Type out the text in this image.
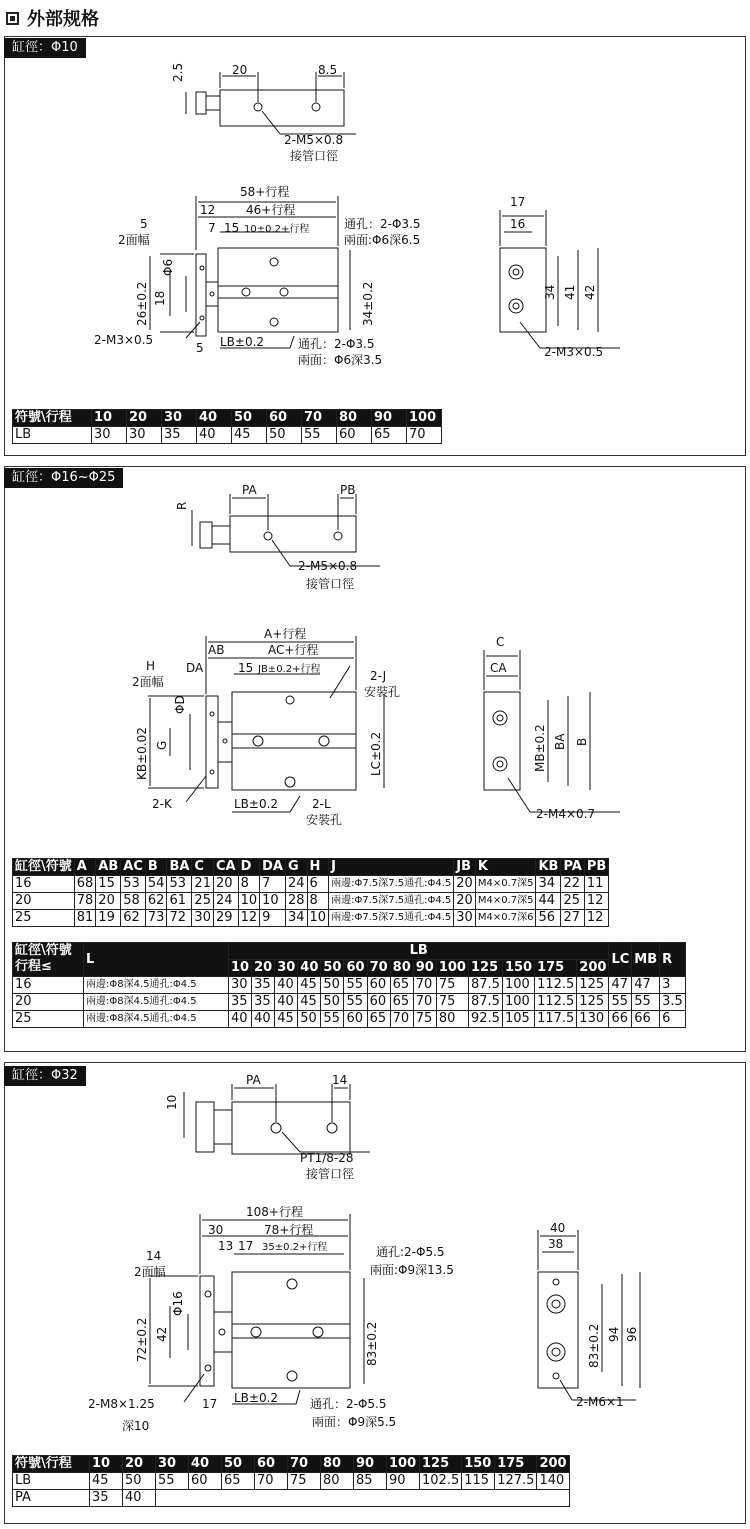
外部规格
缸徑：Φ10
2.5	20	8.5
2-M5×0.8
接管口徑
58+行程
12	46+行程
7 15 10±0.2+行程
5
2面幅
Φ6
26±0.2 18	34±0.2
2-M3×0.5
5 LB±0.2
通孔：2-Φ3.5
兩面:Φ6深6.5
通孔：2-Φ3.5
兩面：Φ6深3.5
17
16
34 41 42
2-M3×0.5
符號\行程	10	20	30	40	50	60	70	80	90	100
LB	30	30	35	40	45	50	55	60	65	70
缸徑：Φ16~Φ25
R
PA	PB
2-M5×0.8
接管口徑
A+行程
AB	AC+行程
H
2面幅
DA	15 JB±0.2+行程	2-J
安裝孔
ΦD
KB±0.02 G	LC±0.2
2-K	LB±0.2	2-L
安裝孔
C
CA
MB±0.2 BA B
2-M4×0.7
缸徑\符號	A	AB	AC	B	BA	C	CA	D	DA	G	H	J	JB	K	KB	PA	PB
16	68	15	53	54	53	21	20	8	7	24	6	兩邊:Φ7.5深7.5通孔:Φ4.5	20	M4×0.7深5	34	22	11
20	78	20	58	62	61	25	24	10	10	28	8	兩邊:Φ7.5深7.5通孔:Φ4.5	20	M4×0.7深5	44	25	12
25	81	19	62	73	72	30	29	12	9	34	10	兩邊:Φ7.5深7.5通孔:Φ4.5	30	M4×0.7深6	56	27	12
缸徑\符號
行程≤	L	LB														LC	MB	R
		10	20	30	40	50	60	70	80	90	100	125	150	175	200			
16	兩邊:Φ8深4.5通孔:Φ4.5	30	35	40	45	50	55	60	65	70	75	87.5	100	112.5	125	47	47	3
20	兩邊:Φ8深4.5通孔:Φ4.5	35	35	40	45	50	55	60	65	70	75	87.5	100	112.5	125	55	55	3.5
25	兩邊:Φ8深4.5通孔:Φ4.5	40	40	45	50	55	60	65	70	75	80	92.5	105	117.5	130	66	66	6
缸徑：Φ32
10
PA	14
PT1/8-28
接管口徑
108+行程
30	78+行程
13 17 35±0.2+行程
14
2面幅
Φ16
72±0.2 42	83±0.2
2-M8×1.25
深10
17 LB±0.2
通孔:2-Φ5.5
兩面:Φ9深13.5
通孔：2-Φ5.5
兩面：Φ9深5.5
40
38
83±0.2 94 96
2-M6×1
符號\行程	10	20	30	40	50	60	70	80	90	100	125	150	175	200
LB	45	50	55	60	65	70	75	80	85	90	102.5	115	127.5	140
PA	35	40												
